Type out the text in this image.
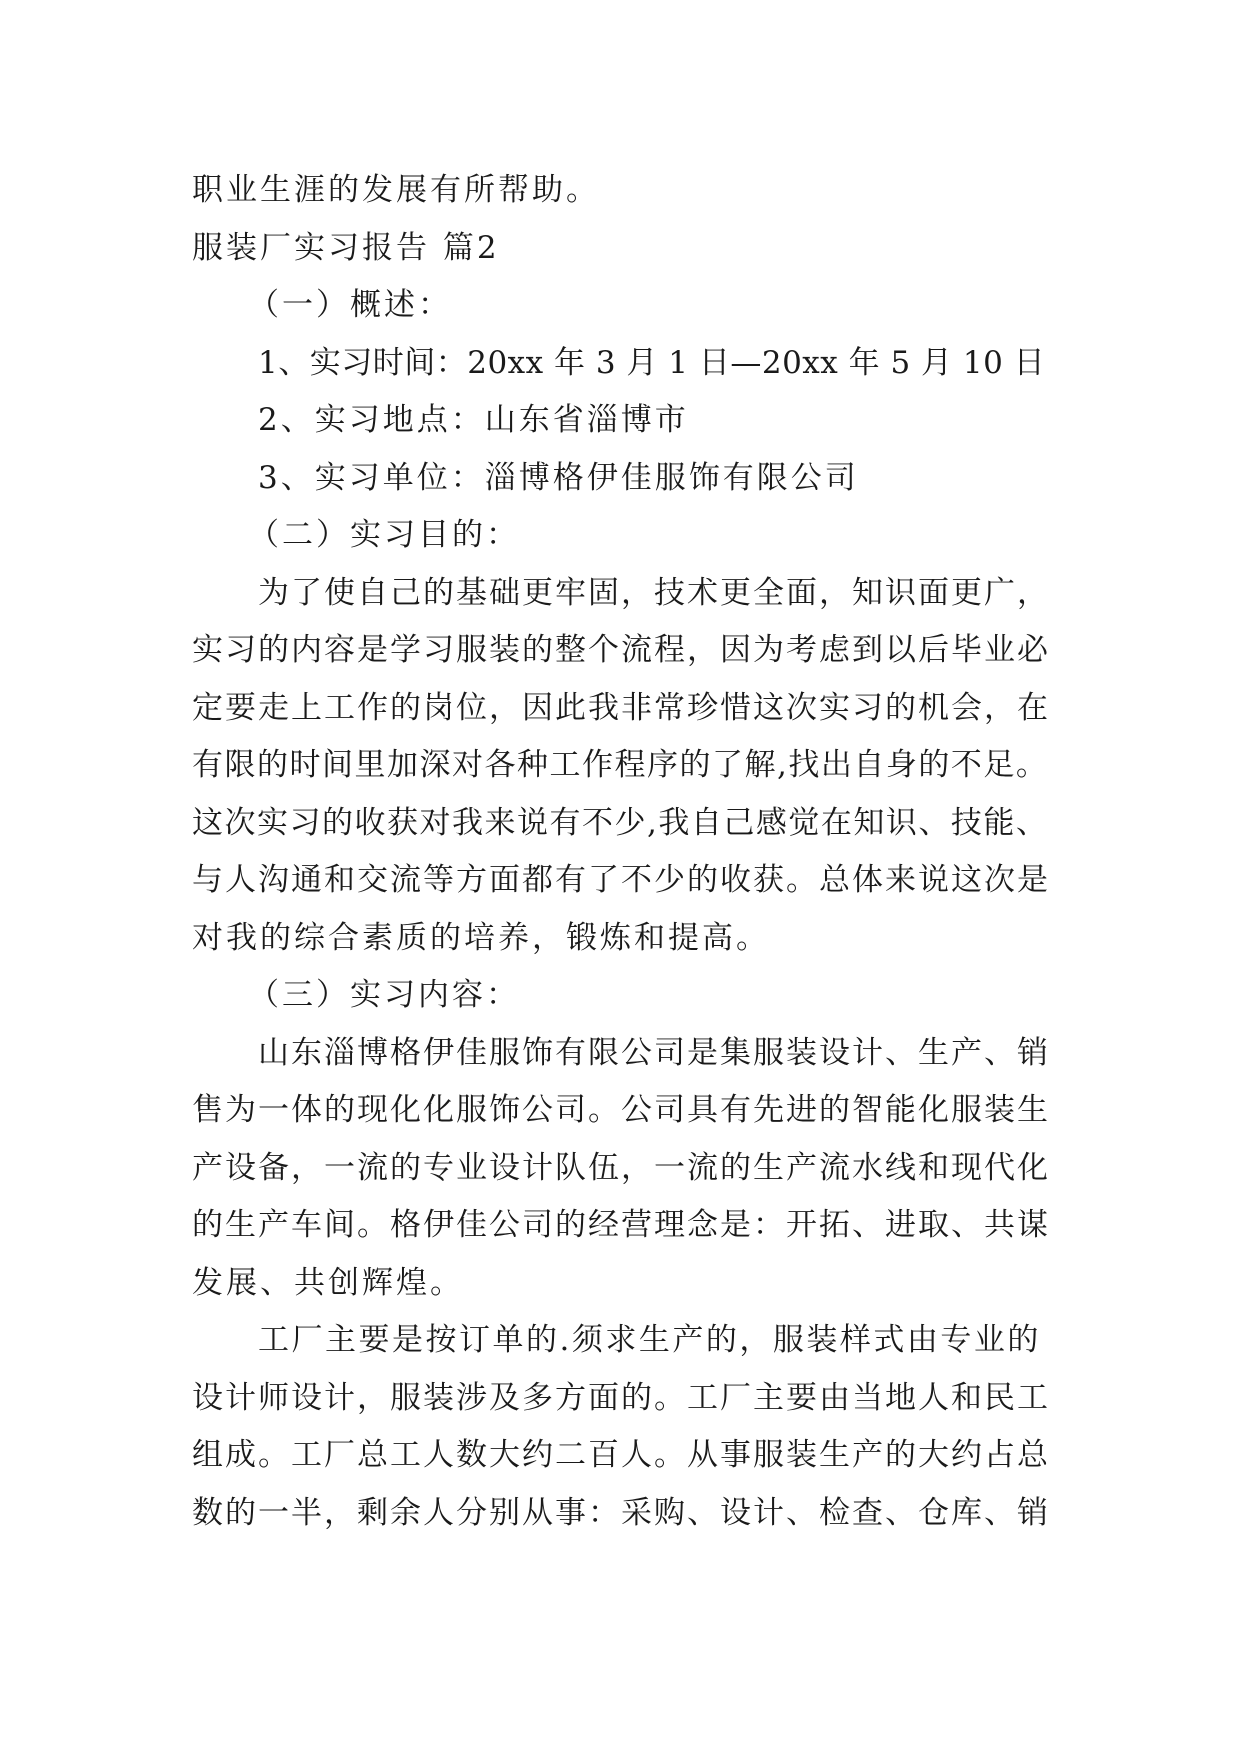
职业生涯的发展有所帮助。

服装厂实习报告 篇2

（一）概述：

1、实习时间：20xx 年 3 月 1 日—20xx 年 5 月 10 日

2、实习地点：山东省淄博市

3、实习单位：淄博格伊佳服饰有限公司

（二）实习目的：

为了使自己的基础更牢固，技术更全面，知识面更广，

实习的内容是学习服装的整个流程，因为考虑到以后毕业必

定要走上工作的岗位，因此我非常珍惜这次实习的机会，在

有限的时间里加深对各种工作程序的了解,找出自身的不足。

这次实习的收获对我来说有不少,我自己感觉在知识、技能、

与人沟通和交流等方面都有了不少的收获。总体来说这次是

对我的综合素质的培养，锻炼和提高。

（三）实习内容：

山东淄博格伊佳服饰有限公司是集服装设计、生产、销

售为一体的现化化服饰公司。公司具有先进的智能化服装生

产设备，一流的专业设计队伍，一流的生产流水线和现代化

的生产车间。格伊佳公司的经营理念是：开拓、进取、共谋

发展、共创辉煌。

工厂主要是按订单的.须求生产的，服装样式由专业的

设计师设计，服装涉及多方面的。工厂主要由当地人和民工

组成。工厂总工人数大约二百人。从事服装生产的大约占总

数的一半，剩余人分别从事：采购、设计、检查、仓库、销
